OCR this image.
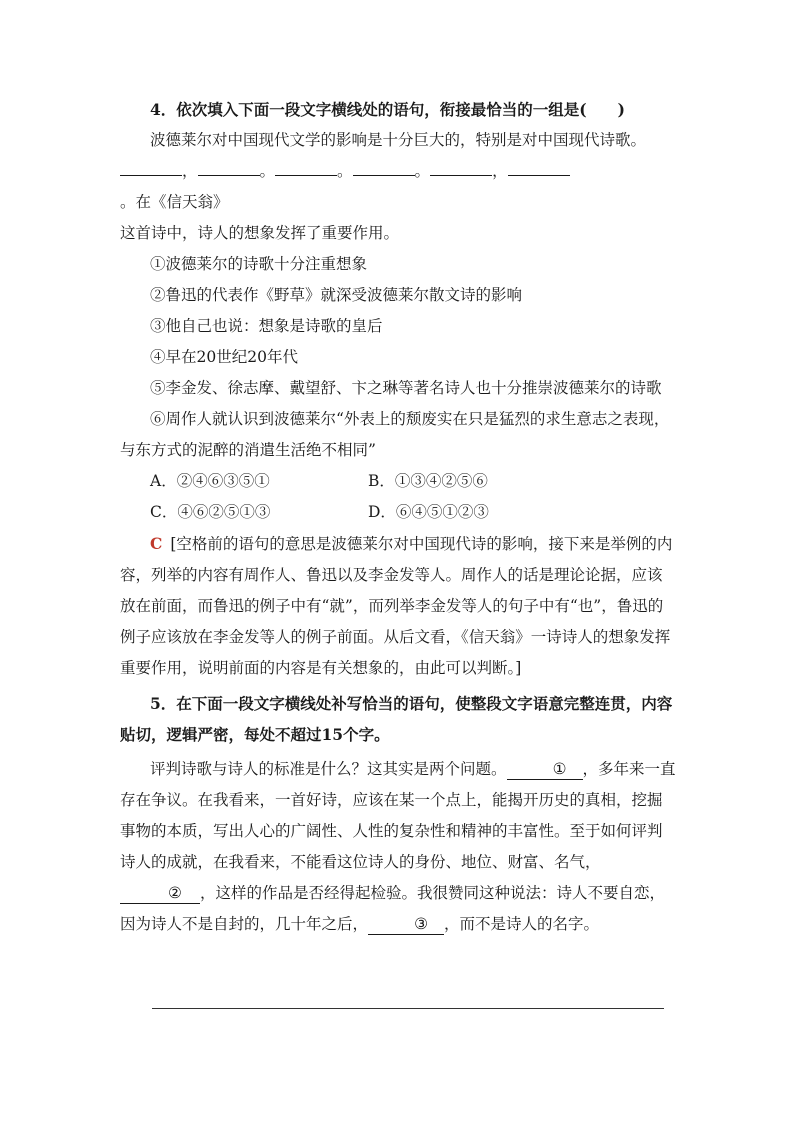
4．依次填入下面一段文字横线处的语句，衔接最恰当的一组是(　　)

波德莱尔对中国现代文学的影响是十分巨大的，特别是对中国现代诗歌。

，	。	。	。	，。在《信天翁》

这首诗中，诗人的想象发挥了重要作用。

①波德莱尔的诗歌十分注重想象

②鲁迅的代表作《野草》就深受波德莱尔散文诗的影响

③他自己也说：想象是诗歌的皇后

④早在20世纪20年代

⑤李金发、徐志摩、戴望舒、卞之琳等著名诗人也十分推崇波德莱尔的诗歌

⑥周作人就认识到波德莱尔“外表上的颓废实在只是猛烈的求生意志之表现，与东方式的泥醉的消遣生活绝不相同”

A．②④⑥③⑤①	B．①③④②⑤⑥
C．④⑥②⑤①③	D．⑥④⑤①②③

C [空格前的语句的意思是波德莱尔对中国现代诗的影响，接下来是举例的内容，列举的内容有周作人、鲁迅以及李金发等人。周作人的话是理论论据，应该放在前面，而鲁迅的例子中有“就”，而列举李金发等人的句子中有“也”，鲁迅的例子应该放在李金发等人的例子前面。从后文看，《信天翁》一诗诗人的想象发挥重要作用，说明前面的内容是有关想象的，由此可以判断。]

5．在下面一段文字横线处补写恰当的语句，使整段文字语意完整连贯，内容贴切，逻辑严密，每处不超过15个字。

评判诗歌与诗人的标准是什么？这其实是两个问题。	① ，多年来一直存在争议。在我看来，一首好诗，应该在某一个点上，能揭开历史的真相，挖掘事物的本质，写出人心的广阔性、人性的复杂性和精神的丰富性。至于如何评判诗人的成就，在我看来，不能看这位诗人的身份、地位、财富、名气，② ，这样的作品是否经得起检验。我很赞同这种说法：诗人不要自恋，因为诗人不是自封的，几十年之后，	③ ，而不是诗人的名字。
